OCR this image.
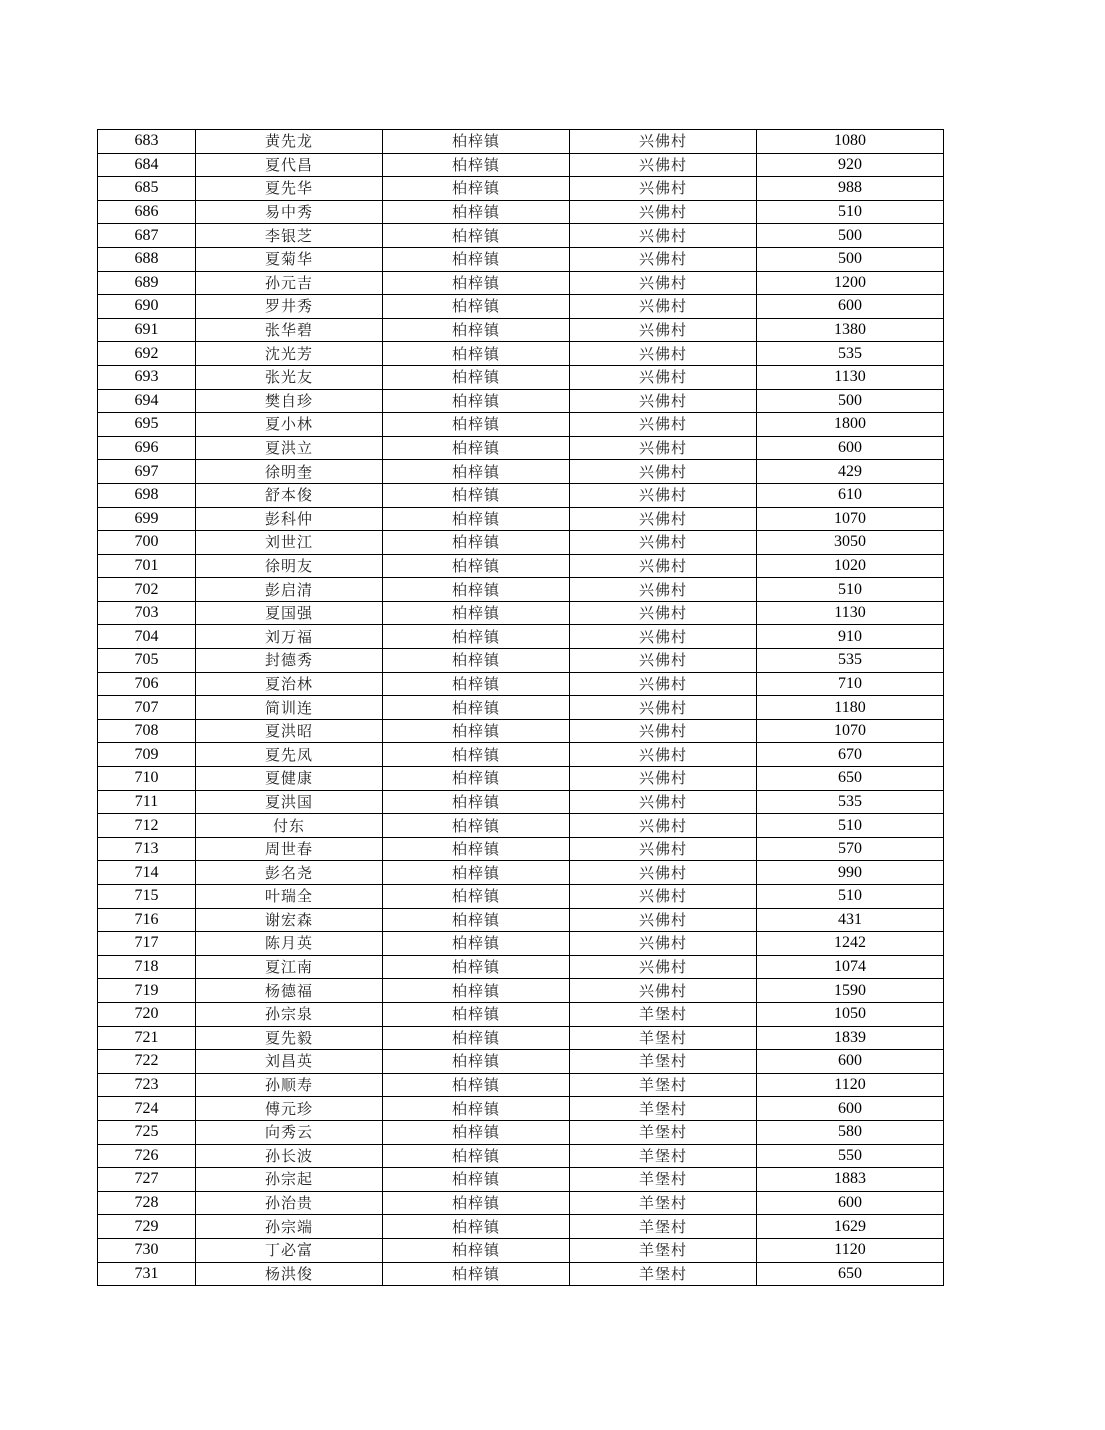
683	黄先龙	柏梓镇	兴佛村	1080
684	夏代昌	柏梓镇	兴佛村	920
685	夏先华	柏梓镇	兴佛村	988
686	易中秀	柏梓镇	兴佛村	510
687	李银芝	柏梓镇	兴佛村	500
688	夏菊华	柏梓镇	兴佛村	500
689	孙元吉	柏梓镇	兴佛村	1200
690	罗井秀	柏梓镇	兴佛村	600
691	张华碧	柏梓镇	兴佛村	1380
692	沈光芳	柏梓镇	兴佛村	535
693	张光友	柏梓镇	兴佛村	1130
694	樊自珍	柏梓镇	兴佛村	500
695	夏小林	柏梓镇	兴佛村	1800
696	夏洪立	柏梓镇	兴佛村	600
697	徐明奎	柏梓镇	兴佛村	429
698	舒本俊	柏梓镇	兴佛村	610
699	彭科仲	柏梓镇	兴佛村	1070
700	刘世江	柏梓镇	兴佛村	3050
701	徐明友	柏梓镇	兴佛村	1020
702	彭启清	柏梓镇	兴佛村	510
703	夏国强	柏梓镇	兴佛村	1130
704	刘万福	柏梓镇	兴佛村	910
705	封德秀	柏梓镇	兴佛村	535
706	夏治林	柏梓镇	兴佛村	710
707	简训连	柏梓镇	兴佛村	1180
708	夏洪昭	柏梓镇	兴佛村	1070
709	夏先凤	柏梓镇	兴佛村	670
710	夏健康	柏梓镇	兴佛村	650
711	夏洪国	柏梓镇	兴佛村	535
712	付东	柏梓镇	兴佛村	510
713	周世春	柏梓镇	兴佛村	570
714	彭名尧	柏梓镇	兴佛村	990
715	叶瑞全	柏梓镇	兴佛村	510
716	谢宏森	柏梓镇	兴佛村	431
717	陈月英	柏梓镇	兴佛村	1242
718	夏江南	柏梓镇	兴佛村	1074
719	杨德福	柏梓镇	兴佛村	1590
720	孙宗泉	柏梓镇	羊堡村	1050
721	夏先毅	柏梓镇	羊堡村	1839
722	刘昌英	柏梓镇	羊堡村	600
723	孙顺寿	柏梓镇	羊堡村	1120
724	傅元珍	柏梓镇	羊堡村	600
725	向秀云	柏梓镇	羊堡村	580
726	孙长波	柏梓镇	羊堡村	550
727	孙宗起	柏梓镇	羊堡村	1883
728	孙治贵	柏梓镇	羊堡村	600
729	孙宗端	柏梓镇	羊堡村	1629
730	丁必富	柏梓镇	羊堡村	1120
731	杨洪俊	柏梓镇	羊堡村	650
